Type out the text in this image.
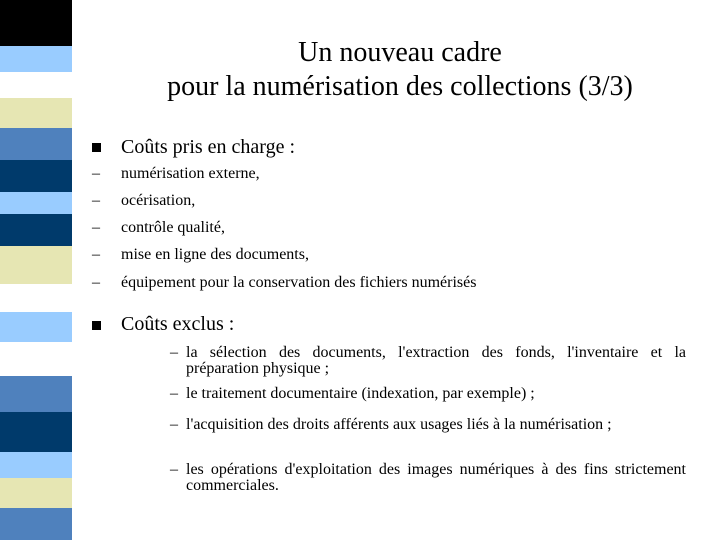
Un nouveau cadre
pour la numérisation des collections (3/3)
Coûts pris en charge :
– numérisation externe,
– océrisation,
– contrôle qualité,
– mise en ligne des documents,
– équipement pour la conservation des fichiers numérisés
Coûts exclus :
– la sélection des documents, l'extraction des fonds, l'inventaire et la préparation physique ;
– le traitement documentaire (indexation, par exemple) ;
– l'acquisition des droits afférents aux usages liés à la numérisation ;
– les opérations d'exploitation des images numériques à des fins strictement commerciales.
